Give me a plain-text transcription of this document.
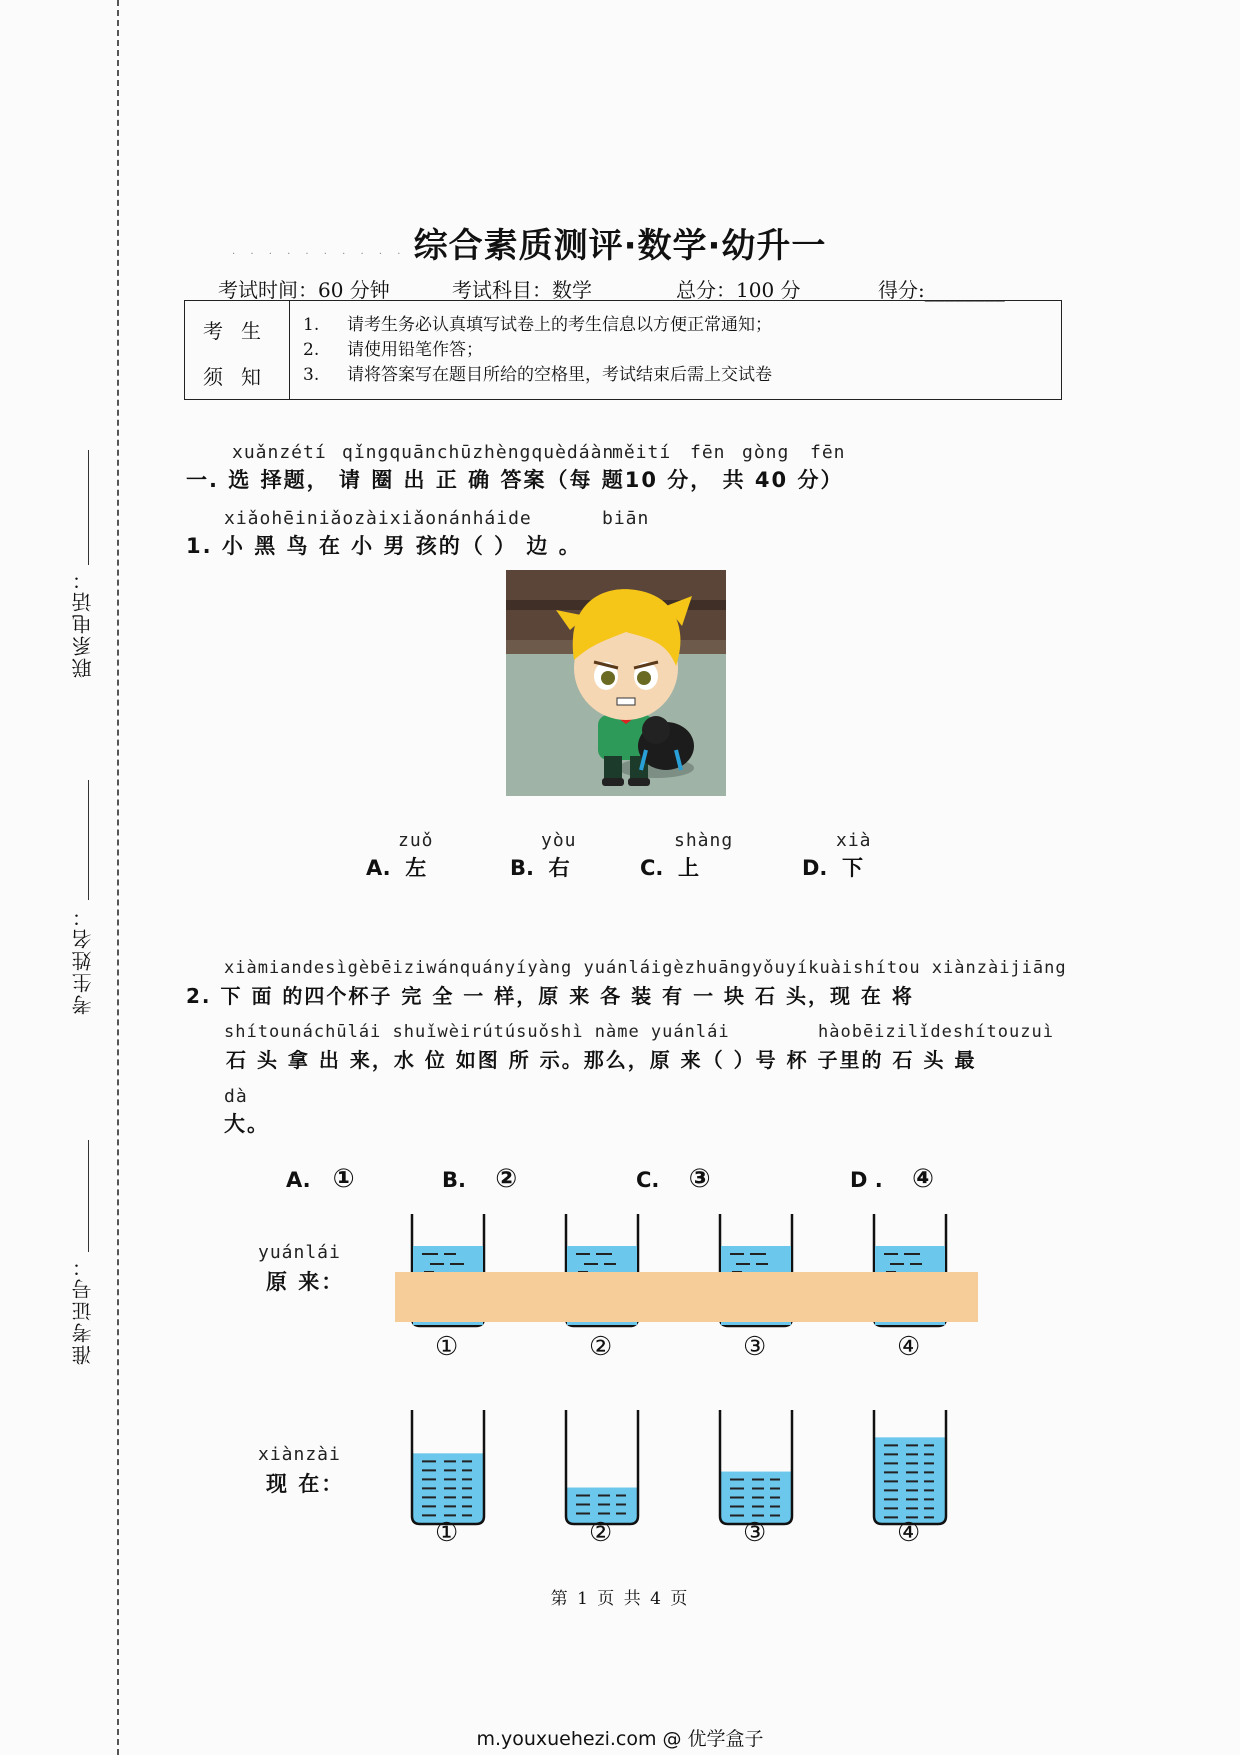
联系电话：
考生姓名：
准考证号：
. . . . . . . . . . .
综合素质测评·数学·幼升一
考试时间：60 分钟	考试科目：数学	总分：100 分	得分:________
考生
须知
1. 请考生务必认真填写试卷上的考生信息以方便正常通知；
2. 请使用铅笔作答；
3. 请将答案写在题目所给的空格里，考试结束后需上交试卷
xuǎnzétí qǐngquānchūzhèngquèdáàn
měití fēn gòng fēn
一. 选 择题， 请 圈 出 正 确 答案（每 题10 分， 共 40 分）
xiǎohēiniǎozàixiǎonánháide	biān
1. 小 黑 鸟 在 小 男 孩的（ ） 边 。
zuǒ
A. 左
yòu
B. 右
shàng
C. 上
xià
D. 下
xiàmiandesìgèbēiziwánquányíyàng yuánláigèzhuāngyǒuyíkuàishítou xiànzàijiāng
2. 下 面 的四个杯子 完 全 一 样，原 来 各 装 有 一 块 石 头，现 在 将
shítounáchūlái shuǐwèirútúsuǒshì nàme yuánlái	hàobēizilǐdeshítouzuì
石 头 拿 出 来，水 位 如图 所 示。那么，原 来（ ）号 杯 子里的 石 头 最
dà
大。
A. ①	B. ②	C. ③	D . ④
yuánlái
原 来：
①	②	③	④
xiànzài
现 在：
①	②	③	④
第 1 页 共 4 页
m.youxuehezi.com @ 优学盒子
